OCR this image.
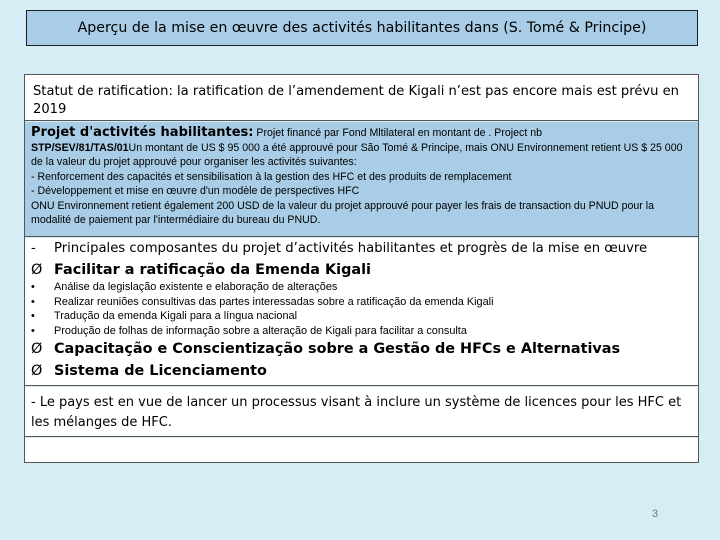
Aperçu de la mise en œuvre des activités habilitantes dans (S. Tomé & Principe)
Statut de ratification: la ratification de l’amendement de Kigali n’est pas encore mais est prévu en 2019
Projet d'activités habilitantes: Projet financé par Fond Mltilateral en montant de . Project nb
STP/SEV/81/TAS/01Un montant de US $ 95 000 a été approuvé pour São Tomé & Principe, mais ONU Environnement retient US $ 25 000 de la valeur du projet approuvé pour organiser les activités suivantes:
- Renforcement des capacités et sensibilisation à la gestion des HFC et des produits de remplacement
- Développement et mise en œuvre d'un modèle de perspectives HFC
ONU Environnement retient également 200 USD de la valeur du projet approuvé pour payer les frais de transaction du PNUD pour la modalité de paiement par l'intermédiaire du bureau du PNUD.
- Principales composantes du projet d’activités habilitantes et progrès de la mise en œuvre
Ø Facilitar a ratificação da Emenda Kigali
•	Análise da legislação existente e elaboração de alterações
•	Realizar reuniões consultivas das partes interessadas sobre a ratificação da emenda Kigali
•	Tradução da emenda Kigali para a língua nacional
•	Produção de folhas de informação sobre a alteração de Kigali para facilitar a consulta
Ø Capacitação e Conscientização sobre a Gestão de HFCs e Alternativas
Ø Sistema de Licenciamento
- Le pays est en vue de lancer un processus visant à inclure un système de licences pour les HFC et les mélanges de HFC.
3
